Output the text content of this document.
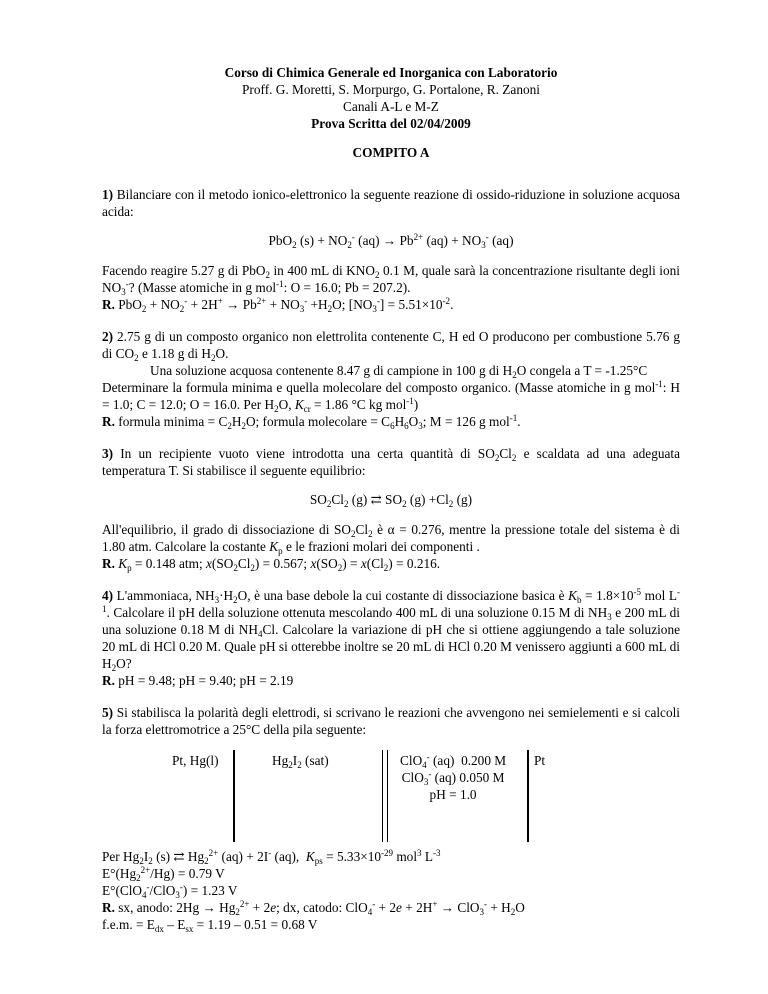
Corso di Chimica Generale ed Inorganica con Laboratorio
Proff. G. Moretti, S. Morpurgo, G. Portalone, R. Zanoni
Canali A-L e M-Z
Prova Scritta del 02/04/2009
COMPITO A

1) Bilanciare con il metodo ionico-elettronico la seguente reazione di ossido-riduzione in soluzione acquosa acida:

PbO$_2$ $(s) + NO_2^-$ $(aq) \to Pb^{2+}$ $(aq) + NO_3^-$ (aq)

Facendo reagire 5.27 g di PbO$_2$ in 400 mL di $KNO_2$ 0.1 M, quale sarà la concentrazione risultante degli ioni $NO_3^-$? (Masse atomiche in g mol$^{-1}$: O = 16.0; Pb = 207.2).

R. $PbO_2 + NO_2^- + 2H^+ \to Pb^{2+} + NO_3^- +H_2O$; $[NO_3^-] = 5.51\times 10^{-2}$.

2) 2.75 g di un composto organico non elettrolita contenente C, H ed O producono per combustione 5.76 g di $CO_2$ e 1.18 g di $H_2O$.

Una soluzione acquosa contenente 8.47 g di campione in 100 g di $H_2O$ congela a T = -1.25°C

Determinare la formula minima e quella molecolare del composto organico. (Masse atomiche in g mol$^{-1}$: H = 1.0; C = 12.0; O = 16.0. Per $H_2O$, $K_{cr} = 1.86$ °C kg mol$^{-1}$)

R. formula minima = $C_2H_2O$; formula molecolare = $C_6H_6O_3$; M = 126 g mol$^{-1}$.

3) In un recipiente vuoto viene introdotta una certa quantità di $SO_2Cl_2$ e scaldata ad una adeguata temperatura T. Si stabilisce il seguente equilibrio:

$SO_2Cl_2$ (g) ⇄ $SO_2$ $(g) +Cl_2$ (g)

All'equilibrio, il grado di dissociazione di $SO_2Cl_2$ è α = 0.276, mentre la pressione totale del sistema è di 1.80 atm. Calcolare la costante $K_p$ e le frazioni molari dei componenti .

R. $K_p = 0.148$ atm; $x(SO_2Cl_2) = 0.567$; $x(SO_2) = x(Cl_2) = 0.216$.

4) L'ammoniaca, $NH_3\cdot H_2O$, è una base debole la cui costante di dissociazione basica è $K_b = 1.8\times 10^{-5}$ mol $L^{-1}$. Calcolare il pH della soluzione ottenuta mescolando 400 mL di una soluzione 0.15 M di $NH_3$ e 200 mL di una soluzione 0.18 M di $NH_4Cl$. Calcolare la variazione di pH che si ottiene aggiungendo a tale soluzione 20 mL di HCl 0.20 M. Quale pH si otterebbe inoltre se 20 mL di HCl 0.20 M venissero aggiunti a 600 mL di $H_2O$?

R. pH = 9.48; pH = 9.40; pH = 2.19

5) Si stabilisca la polarità degli elettrodi, si scrivano le reazioni che avvengono nei semielementi e si calcoli la forza elettromotrice a 25°C della pila seguente:

Pt, Hg(l)	$Hg_2I_2$ (sat)	ClO$_4$- (aq)  0.200 M
ClO$_3$- (aq) 0.050 M
pH = 1.0
Pt

Per $Hg_2I_2$ (s) ⇄ $Hg_2^{2+}$ (aq) + 2I- (aq),  $K_{ps} = 5.33\times 10^{-29}$ mol$^3$ $L^{-3}$

$E^\circ(Hg_2^{2+}/Hg) = 0.79$ V

E°(ClO$_4$-/ClO$_3$-) = 1.23 V

R. sx, anodo: $2Hg \to Hg_2^{2+} + 2e$; dx, catodo: $ClO_4^- + 2e + 2H^+ \to ClO_3^- + H_2O$

f.e.m. = $E_{dx} - E_{sx} = 1.19 - 0.51 = 0.68$ V
